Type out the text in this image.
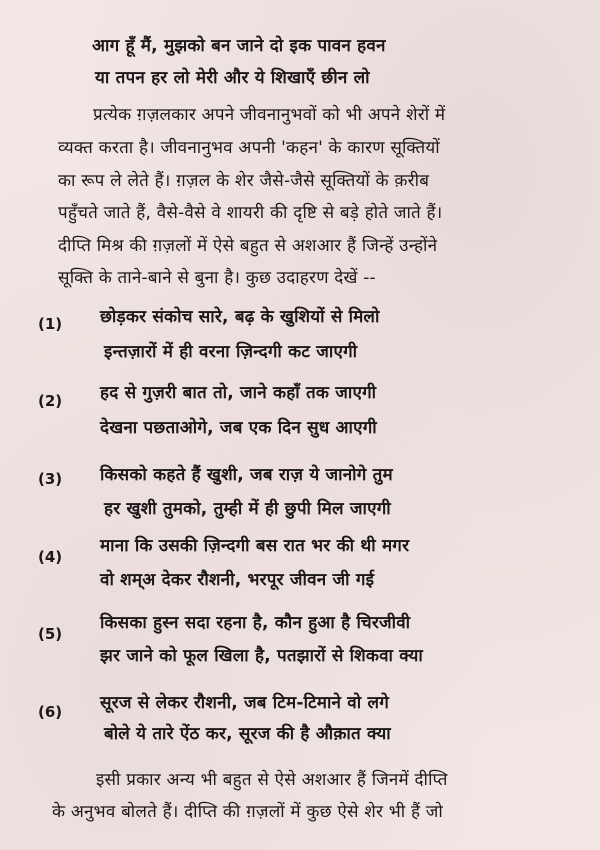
आग हूँ मैं, मुझको बन जाने दो इक पावन हवन
या तपन हर लो मेरी और ये शिखाएँ छीन लो
प्रत्येक ग़ज़लकार अपने जीवनानुभवों को भी अपने शेरों में
व्यक्त करता है। जीवनानुभव अपनी 'कहन' के कारण सूक्तियों
का रूप ले लेते हैं। ग़ज़ल के शेर जैसे-जैसे सूक्तियों के क़रीब
पहुँचते जाते हैं, वैसे-वैसे वे शायरी की दृष्टि से बड़े होते जाते हैं।
दीप्ति मिश्र की ग़ज़लों में ऐसे बहुत से अशआर हैं जिन्हें उन्होंने
सूक्ति के ताने-बाने से बुना है। कुछ उदाहरण देखें --
(1) छोड़कर संकोच सारे, बढ़ के खुशियों से मिलो
इन्तज़ारों में ही वरना ज़िन्दगी कट जाएगी
(2) हद से गुज़री बात तो, जाने कहाँ तक जाएगी
देखना पछताओगे, जब एक दिन सुध आएगी
(3) किसको कहते हैं खुशी, जब राज़ ये जानोगे तुम
हर खुशी तुमको, तुम्ही में ही छुपी मिल जाएगी
(4)
माना कि उसकी ज़िन्दगी बस रात भर की थी मगर
वो शम्अ देकर रौशनी, भरपूर जीवन जी गई
(5)
किसका हुस्न सदा रहना है, कौन हुआ है चिरजीवी
झर जाने को फूल खिला है, पतझारों से शिकवा क्या
(6) सूरज से लेकर रौशनी, जब टिम-टिमाने वो लगे
बोले ये तारे ऐंठ कर, सूरज की है औक़ात क्या
इसी प्रकार अन्य भी बहुत से ऐसे अशआर हैं जिनमें दीप्ति
के अनुभव बोलते हैं। दीप्ति की ग़ज़लों में कुछ ऐसे शेर भी हैं जो
